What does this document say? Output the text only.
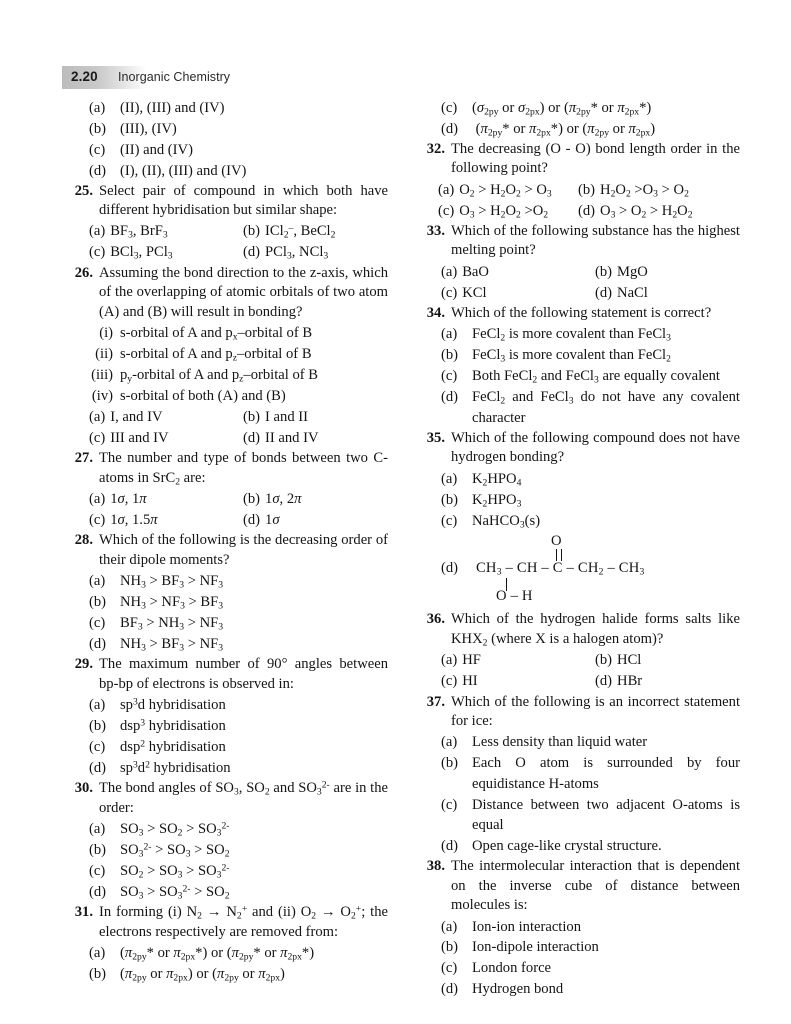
2.20 Inorganic Chemistry
(a)	(II), (III) and (IV)
(b) (III), (IV)
(c)	(II) and (IV)
(d) (I), (II), (III) and (IV)
25. Select pair of compound in which both have different hybridisation but similar shape:
(a) $BF_3$, BrF$_3$	(b) ICl$_2$–, BeCl$_2$
(c) BCl$_3$, PCl$_3$	(d) PCl$_3$, NCl$_3$
26. Assuming the bond direction to the z-axis, which of the overlapping of atomic orbitals of two atom (A) and (B) will result in bonding?
(i) s-orbital of A and $p_x$–orbital of B
(ii) s-orbital of A and $p_z$–orbital of B
(iii) $p_y$-orbital of A and $p_z$–orbital of B
(iv) s-orbital of both (A) and (B)
(a) I, and IV	(b) I and II
(c) III and IV	(d) II and IV
27. The number and type of bonds between two C-atoms in SrC$_2$ are:
(a) 1σ, 1π	(b) 1σ, 2π
(c) 1σ, 1.5π	(d) 1σ
28. Which of the following is the decreasing order of their dipole moments?
(a)	$NH_3 > BF_3 > NF_3$
(b) $NH_3 > NF_3 > BF_3$
(c)	$BF_3 > NH_3 > NF_3$
(d) $NH_3 > BF_3 > NF_3$
29. The maximum number of 90° angles between bp-bp of electrons is observed in:
(a)	$sp^3d$ hybridisation
(b) dsp$^3$ hybridisation
(c)	dsp$^2$ hybridisation
(d) $sp^3d^2$ hybridisation
30. The bond angles of $SO_3$, $SO_2$ and $SO_3^{2-}$ are in the order:
(a)	$SO_3 > SO_2 > SO_3^{2-}$
(b) $SO_3^{2-} > SO_3 > SO_2$
(c)	$SO_2 > SO_3 > SO_3^{2-}$
(d) $SO_3 > SO_3^{2-} > SO_2$
31. In forming (i) $N_2 \to N_2^+$ and (ii) $O_2 \to O_2^+$; the electrons respectively are removed from:
(a)	($\pi_{2py}*$ or $\pi_{2px}*$) or ($\pi_{2py}*$ or $\pi_{2px}*$)
(b) ($\pi_{2py}$ or $\pi_{2px}$) or ($\pi_{2py}$ or $\pi_{2px}$)
(c)	($\sigma_{2py}$ or $\sigma_{2px}$) or ($\pi_{2py}*$ or $\pi_{2px}*$)
(d) ($\pi_{2py}*$ or $\pi_{2px}*$) or ($\pi_{2py}$ or $\pi_{2px}$)
32. The decreasing (O - O) bond length order in the following point?
(a) $O_2 > H_2O_2 > O_3$ (b) $H_2O_2 >O_3 > O_2$
(c) $O_3 > H_2O_2 >O_2$ (d) $O_3 > O_2 > H_2O_2$
33. Which of the following substance has the highest melting point?
(a) BaO	(b) MgO
(c) KCl	(d) NaCl
34. Which of the following statement is correct?
(a)	FeCl$_2$ is more covalent than FeCl$_3$
(b) FeCl$_3$ is more covalent than FeCl$_2$
(c)	Both FeCl$_2$ and FeCl$_3$ are equally covalent
(d) FeCl$_2$ and FeCl$_3$ do not have any covalent character
35. Which of the following compound does not have hydrogen bonding?
(a)	$K_2HPO_4$
(b) $K_2HPO_3$
(c)	NaHCO$_3$(s)
(d)
O
$CH_3$ – CH – C – $CH_2 - CH_3$
O – H
36. Which of the hydrogen halide forms salts like $KHX_2$ (where X is a halogen atom)?
(a) HF	(b) HCl
(c) HI	(d) HBr
37. Which of the following is an incorrect statement for ice:
(a)	Less density than liquid water
(b) Each O atom is surrounded by four equidistance H-atoms
(c)	Distance between two adjacent O-atoms is equal
(d) Open cage-like crystal structure.
38. The intermolecular interaction that is dependent on the inverse cube of distance between molecules is:
(a)	Ion-ion interaction
(b) Ion-dipole interaction
(c)	London force
(d) Hydrogen bond
